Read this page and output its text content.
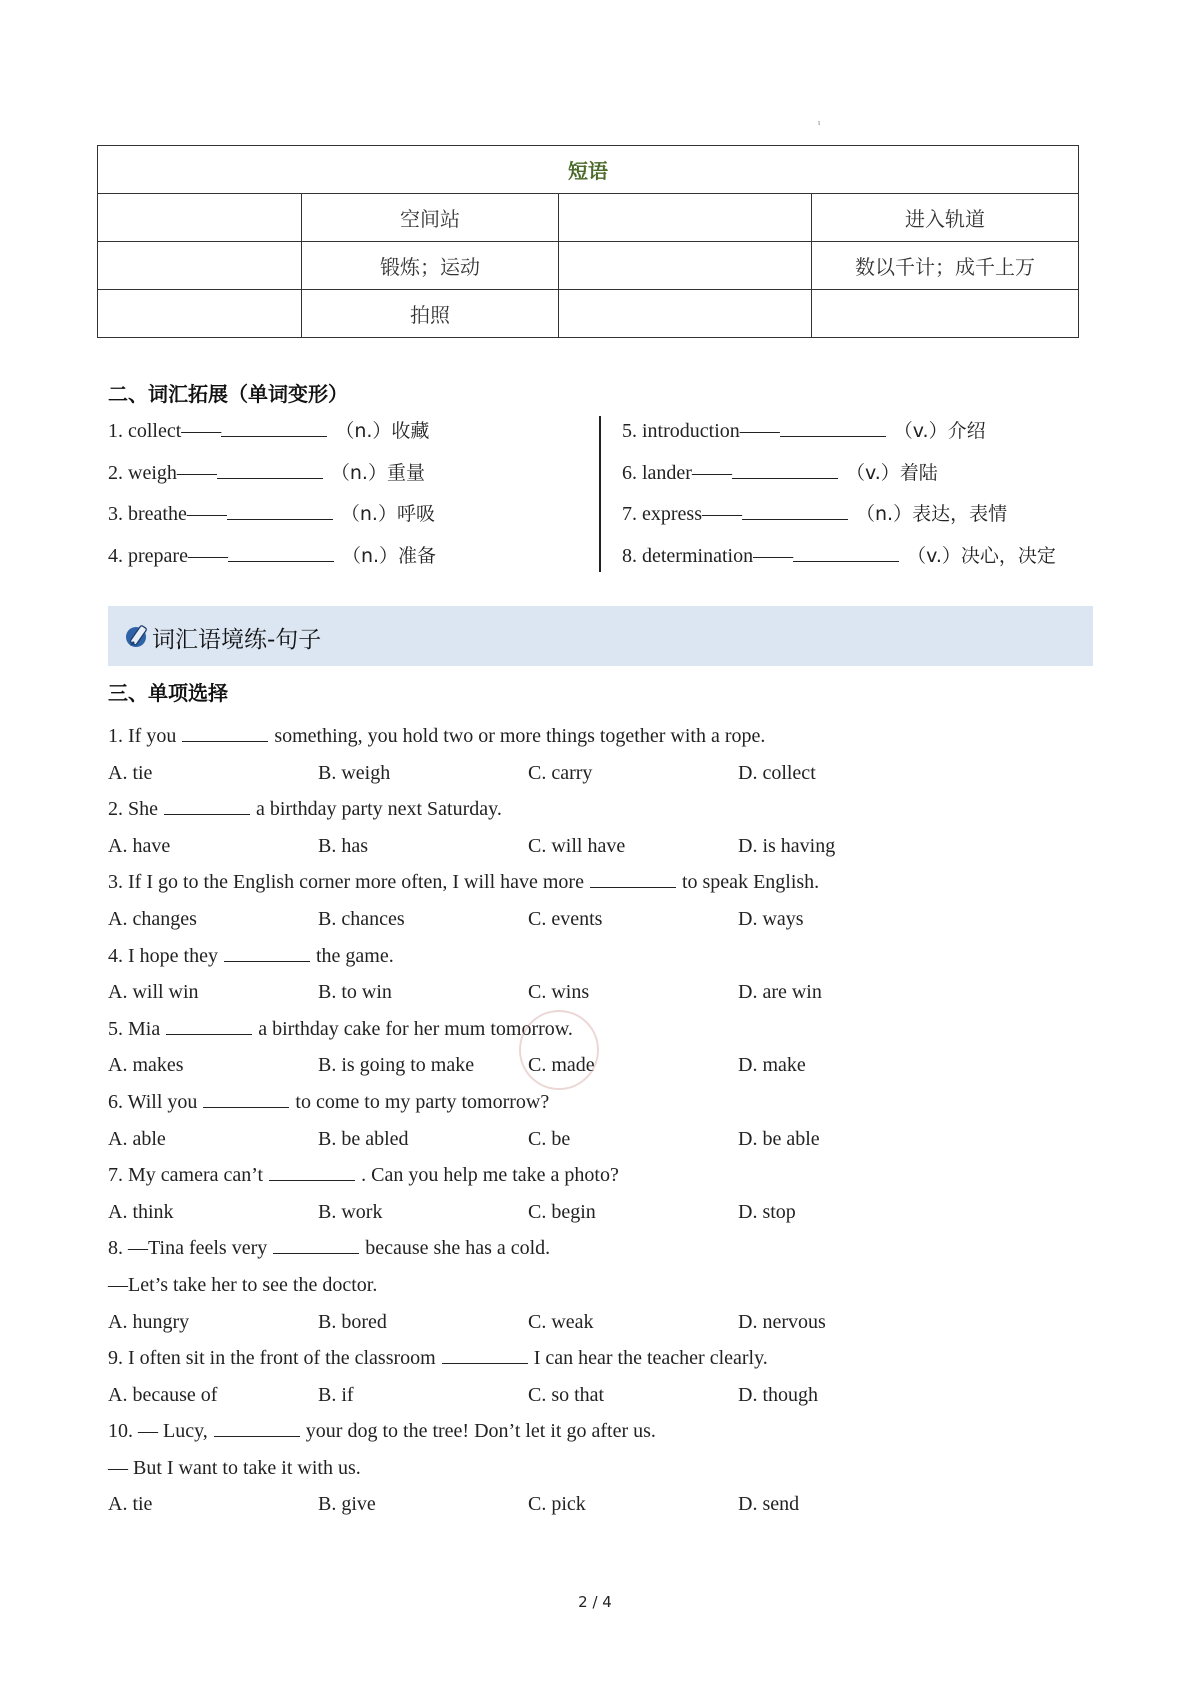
ι
短语			
	空间站		进入轨道
	锻炼；运动		数以千计；成千上万
	拍照		
二、词汇拓展（单词变形）
1. collect——	（n.）收藏
2. weigh——	（n.）重量
3. breathe——	（n.）呼吸
4. prepare——	（n.）准备
5. introduction——	（v.）介绍
6. lander——	（v.）着陆
7. express——	（n.）表达，表情
8. determination——	（v.）决心，决定
词汇语境练-句子
三、单项选择
1. If you	something, you hold two or more things together with a rope.
A. tie	B. weigh	C. carry	D. collect
2. She	a birthday party next Saturday.
A. have	B. has	C. will have	D. is having
3. If I go to the English corner more often, I will have more	to speak English.
A. changes	B. chances	C. events	D. ways
4. I hope they	the game.
A. will win	B. to win	C. wins	D. are win
5. Mia	a birthday cake for her mum tomorrow.
A. makes	B. is going to make	C. made	D. make
6. Will you	to come to my party tomorrow?
A. able	B. be abled	C. be	D. be able
7. My camera can’t	. Can you help me take a photo?
A. think	B. work	C. begin	D. stop
8. —Tina feels very	because she has a cold.
—Let’s take her to see the doctor.
A. hungry	B. bored	C. weak	D. nervous
9. I often sit in the front of the classroom	I can hear the teacher clearly.
A. because of	B. if	C. so that	D. though
10. — Lucy,	your dog to the tree! Don’t let it go after us.
— But I want to take it with us.
A. tie	B. give	C. pick	D. send
2 / 4
